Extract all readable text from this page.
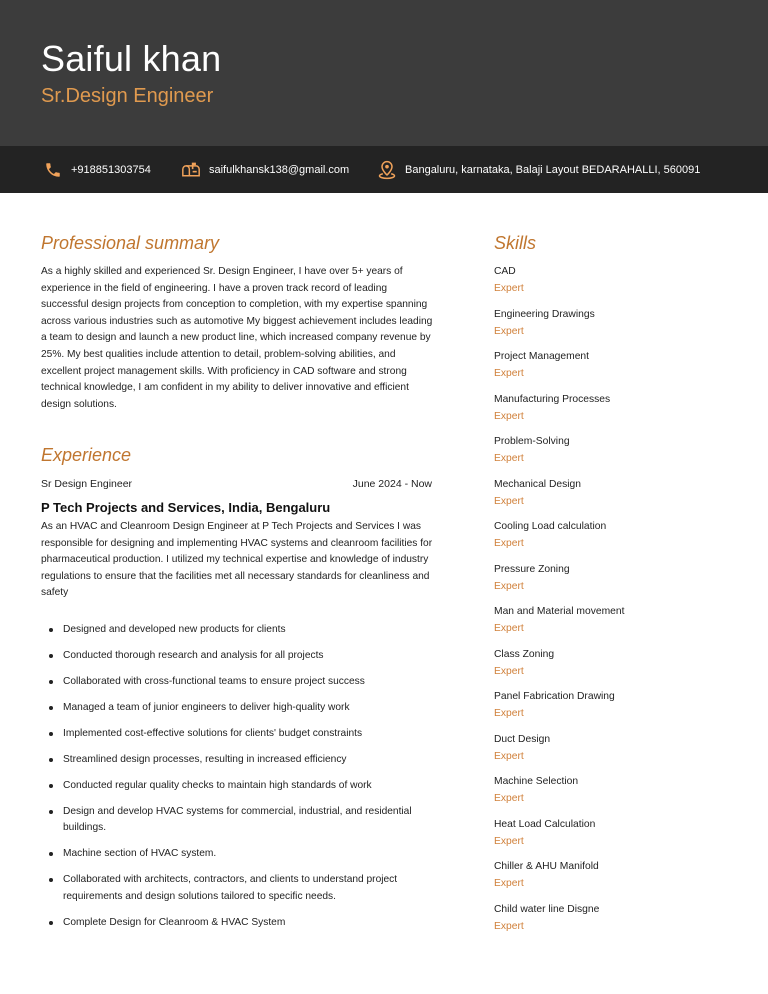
Saiful khan
Sr.Design Engineer
+918851303754	saifulkhansk138@gmail.com	Bangaluru, karnataka, Balaji Layout BEDARAHALLI, 560091
Professional summary
As a highly skilled and experienced Sr. Design Engineer, I have over 5+ years of experience in the field of engineering. I have a proven track record of leading successful design projects from conception to completion, with my expertise spanning across various industries such as automotive My biggest achievement includes leading a team to design and launch a new product line, which increased company revenue by 25%. My best qualities include attention to detail, problem-solving abilities, and excellent project management skills. With proficiency in CAD software and strong technical knowledge, I am confident in my ability to deliver innovative and efficient design solutions.
Experience
Sr Design Engineer	June 2024 - Now
P Tech Projects and Services, India, Bengaluru
As an HVAC and Cleanroom Design Engineer at P Tech Projects and Services I was responsible for designing and implementing HVAC systems and cleanroom facilities for pharmaceutical production. I utilized my technical expertise and knowledge of industry regulations to ensure that the facilities met all necessary standards for cleanliness and safety
Designed and developed new products for clients
Conducted thorough research and analysis for all projects
Collaborated with cross-functional teams to ensure project success
Managed a team of junior engineers to deliver high-quality work
Implemented cost-effective solutions for clients' budget constraints
Streamlined design processes, resulting in increased efficiency
Conducted regular quality checks to maintain high standards of work
Design and develop HVAC systems for commercial, industrial, and residential buildings.
Machine section of HVAC system.
Collaborated with architects, contractors, and clients to understand project requirements and design solutions tailored to specific needs.
Complete Design for Cleanroom & HVAC System
Skills
CAD
Expert
Engineering Drawings
Expert
Project Management
Expert
Manufacturing Processes
Expert
Problem-Solving
Expert
Mechanical Design
Expert
Cooling Load calculation
Expert
Pressure Zoning
Expert
Man and Material movement
Expert
Class Zoning
Expert
Panel Fabrication Drawing
Expert
Duct Design
Expert
Machine Selection
Expert
Heat Load Calculation
Expert
Chiller & AHU Manifold
Expert
Child water line Disgne
Expert
